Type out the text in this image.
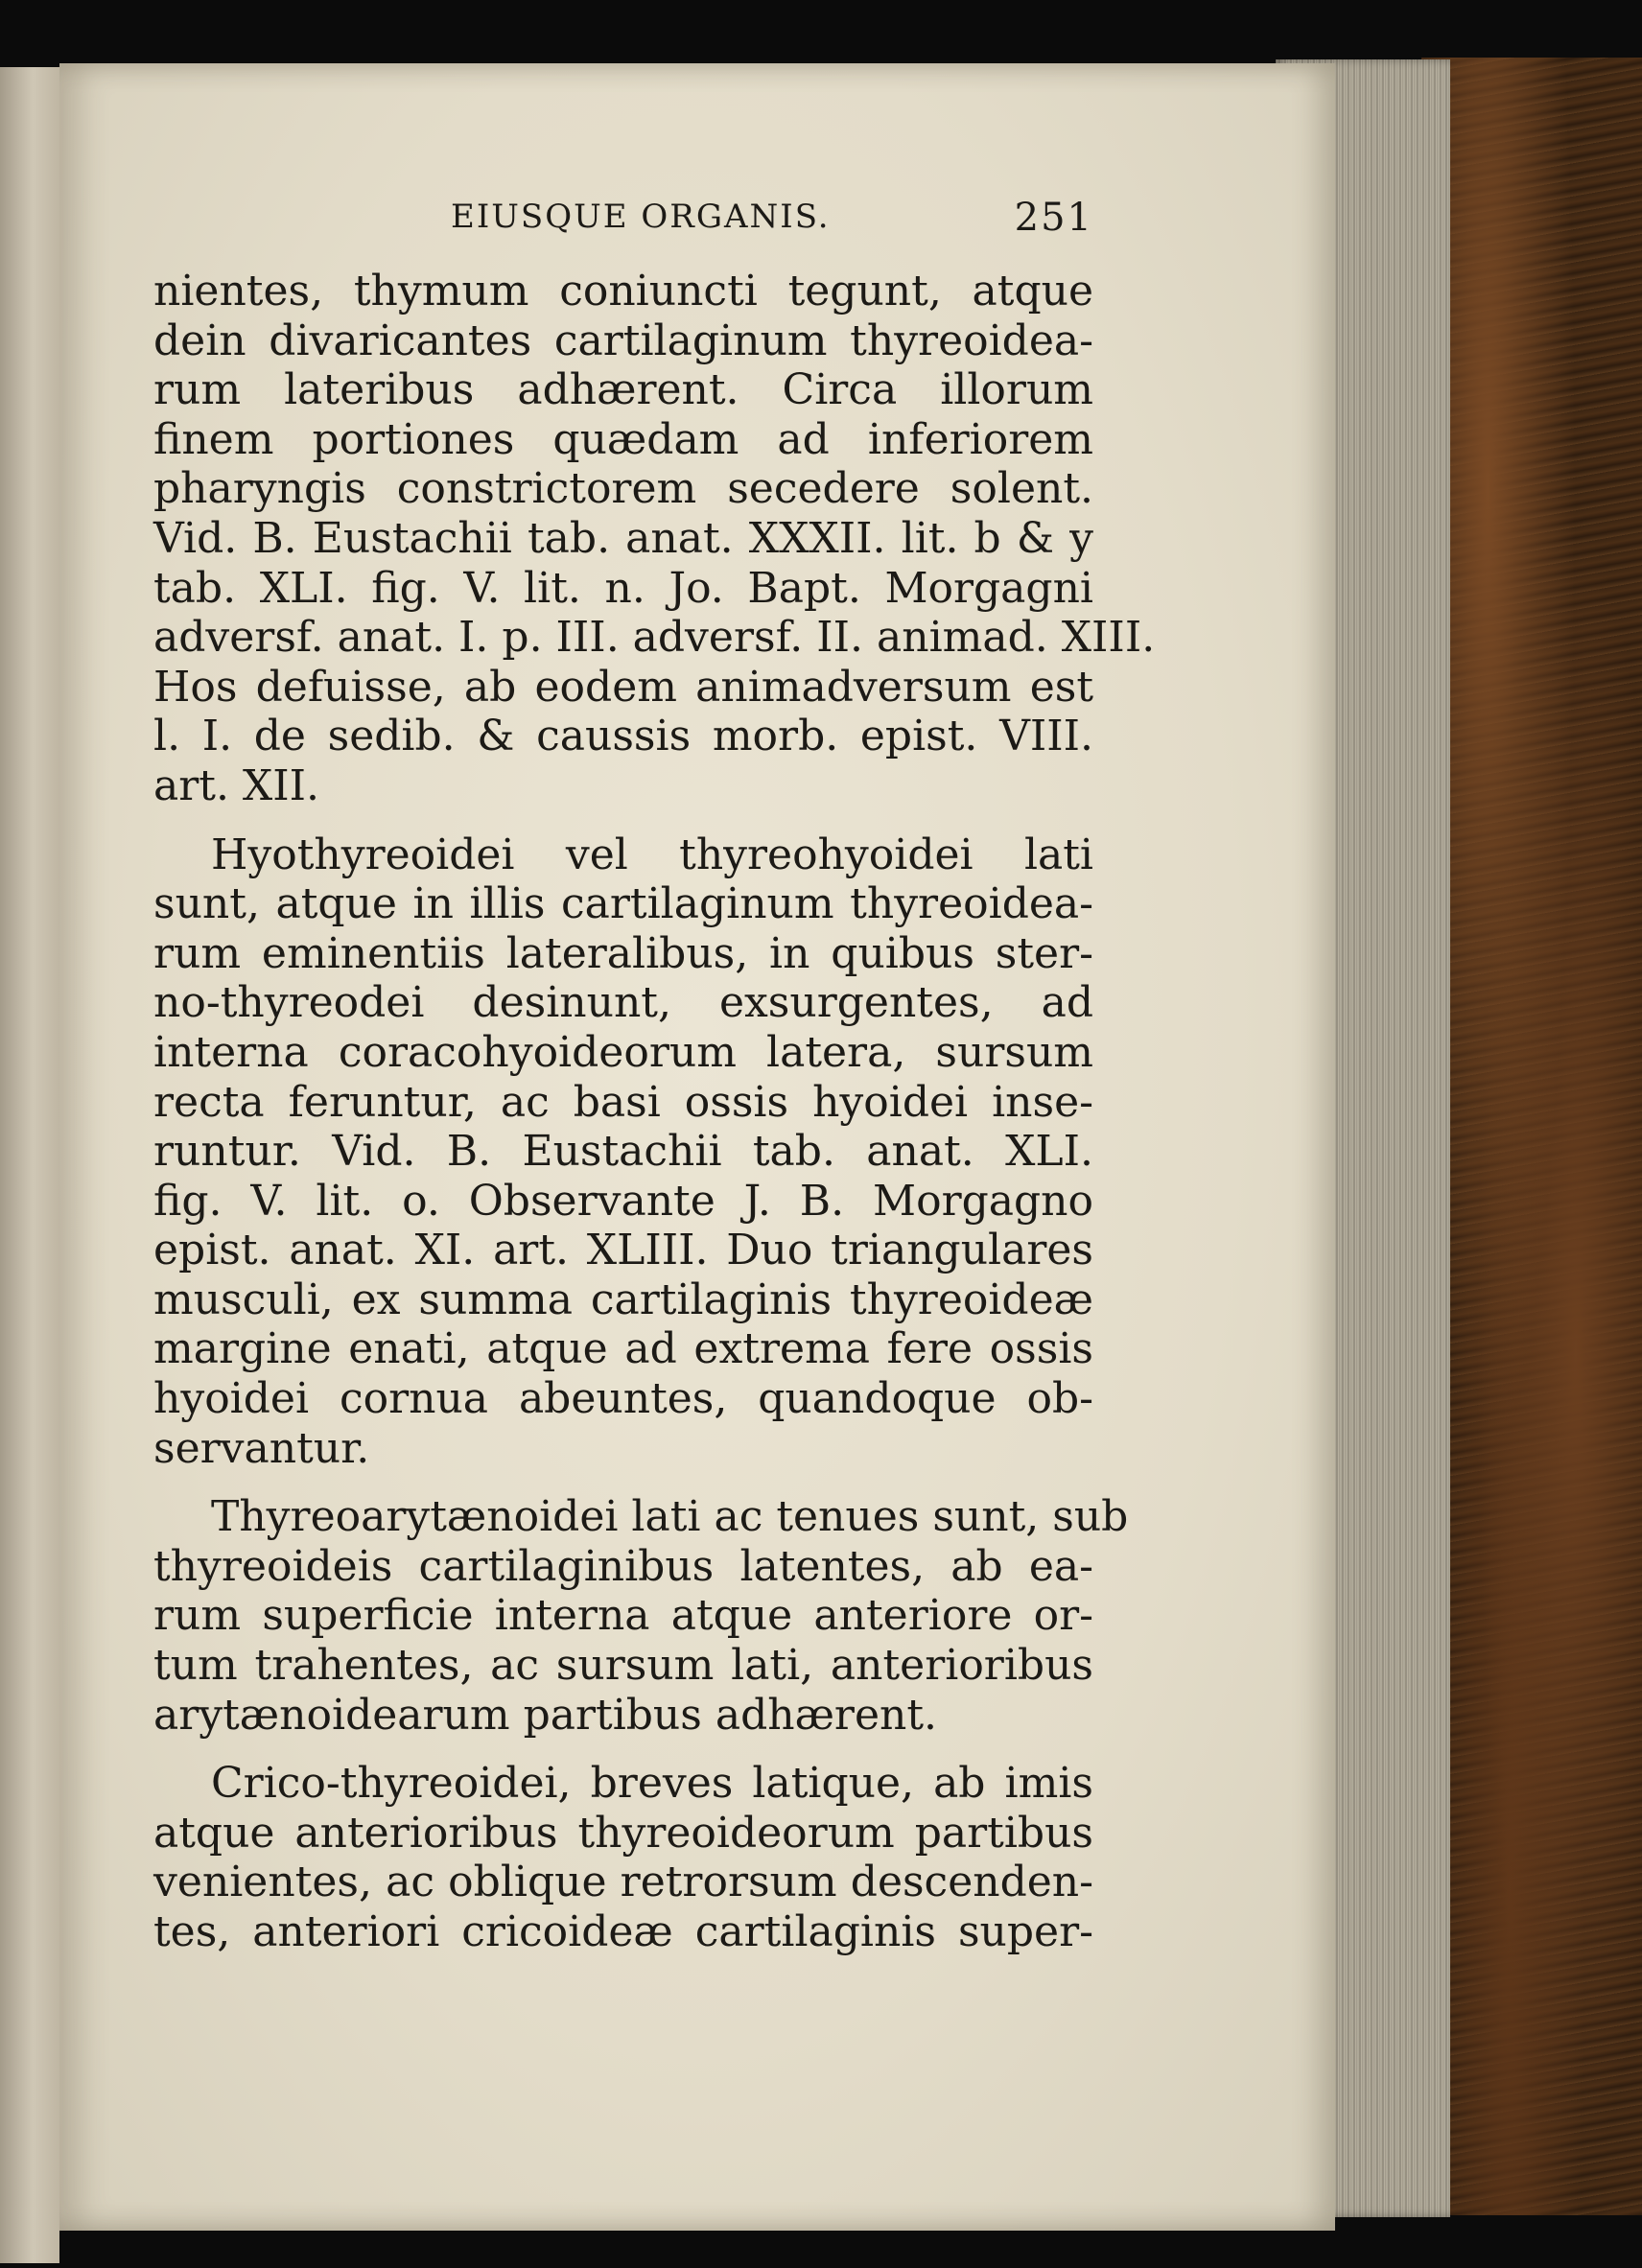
EIUSQUE ORGANIS.	251
nientes, thymum coniuncti tegunt, atque
dein divaricantes cartilaginum thyreoidea-
rum lateribus adhærent. Circa illorum
finem portiones quædam ad inferiorem
pharyngis constrictorem secedere solent.
Vid. B. Eustachii tab. anat. XXXII. lit. b & y
tab. XLI. fig. V. lit. n. Jo. Bapt. Morgagni
adversf. anat. I. p. III. adversf. II. animad. XIII.
Hos defuisse, ab eodem animadversum est
l. I. de sedib. & caussis morb. epist. VIII.
art. XII.
Hyothyreoidei vel thyreohyoidei lati
sunt, atque in illis cartilaginum thyreoidea-
rum eminentiis lateralibus, in quibus ster-
no-thyreodei desinunt, exsurgentes, ad
interna coracohyoideorum latera, sursum
recta feruntur, ac basi ossis hyoidei inse-
runtur. Vid. B. Eustachii tab. anat. XLI.
fig. V. lit. o. Observante J. B. Morgagno
epist. anat. XI. art. XLIII. Duo triangulares
musculi, ex summa cartilaginis thyreoideæ
margine enati, atque ad extrema fere ossis
hyoidei cornua abeuntes, quandoque ob-
servantur.
Thyreoarytænoidei lati ac tenues sunt, sub
thyreoideis cartilaginibus latentes, ab ea-
rum superficie interna atque anteriore or-
tum trahentes, ac sursum lati, anterioribus
arytænoidearum partibus adhærent.
Crico-thyreoidei, breves latique, ab imis
atque anterioribus thyreoideorum partibus
venientes, ac oblique retrorsum descenden-
tes, anteriori cricoideæ cartilaginis super-
